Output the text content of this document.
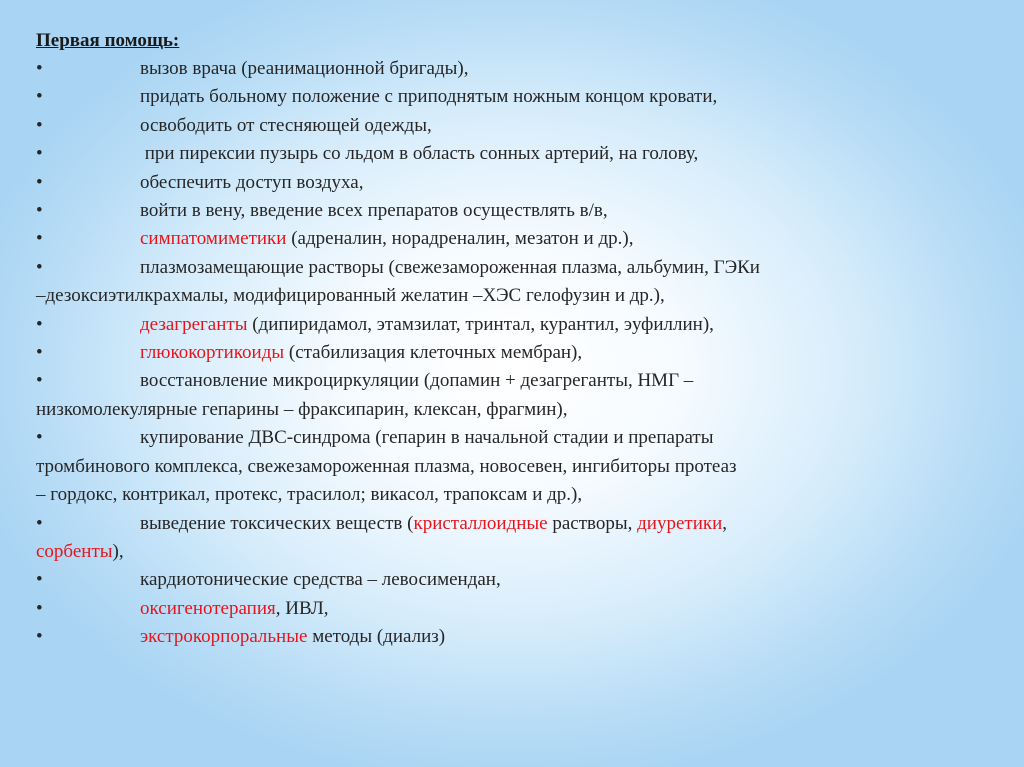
Первая помощь:
•	вызов врача (реанимационной бригады),
•	придать больному положение с приподнятым ножным концом кровати,
•	освободить от стесняющей одежды,
•	при пирексии пузырь со льдом в область сонных артерий, на голову,
•	обеспечить доступ воздуха,
•	войти в вену, введение всех препаратов осуществлять в/в,
•	симпатомиметики (адреналин, норадреналин, мезатон и др.),
•	плазмозамещающие растворы (свежезамороженная плазма, альбумин, ГЭКи
–дезоксиэтилкрахмалы, модифицированный желатин –ХЭС гелофузин и др.),
•	дезагреганты (дипиридамол, этамзилат, тринтал, курантил, эуфиллин),
•	глюкокортикоиды (стабилизация клеточных мембран),
•	восстановление микроциркуляции (допамин + дезагреганты, НМГ –
низкомолекулярные гепарины – фраксипарин, клексан, фрагмин),
•	купирование ДВС-синдрома (гепарин в начальной стадии и препараты
тромбинового комплекса, свежезамороженная плазма, новосевен, ингибиторы протеаз
– гордокс, контрикал, протекс, трасилол; викасол, трапоксам и др.),
•	выведение токсических веществ (кристаллоидные растворы, диуретики,
сорбенты),
•	кардиотонические средства – левосимендан,
•	оксигенотерапия, ИВЛ,
•	экстрокорпоральные методы (диализ)
